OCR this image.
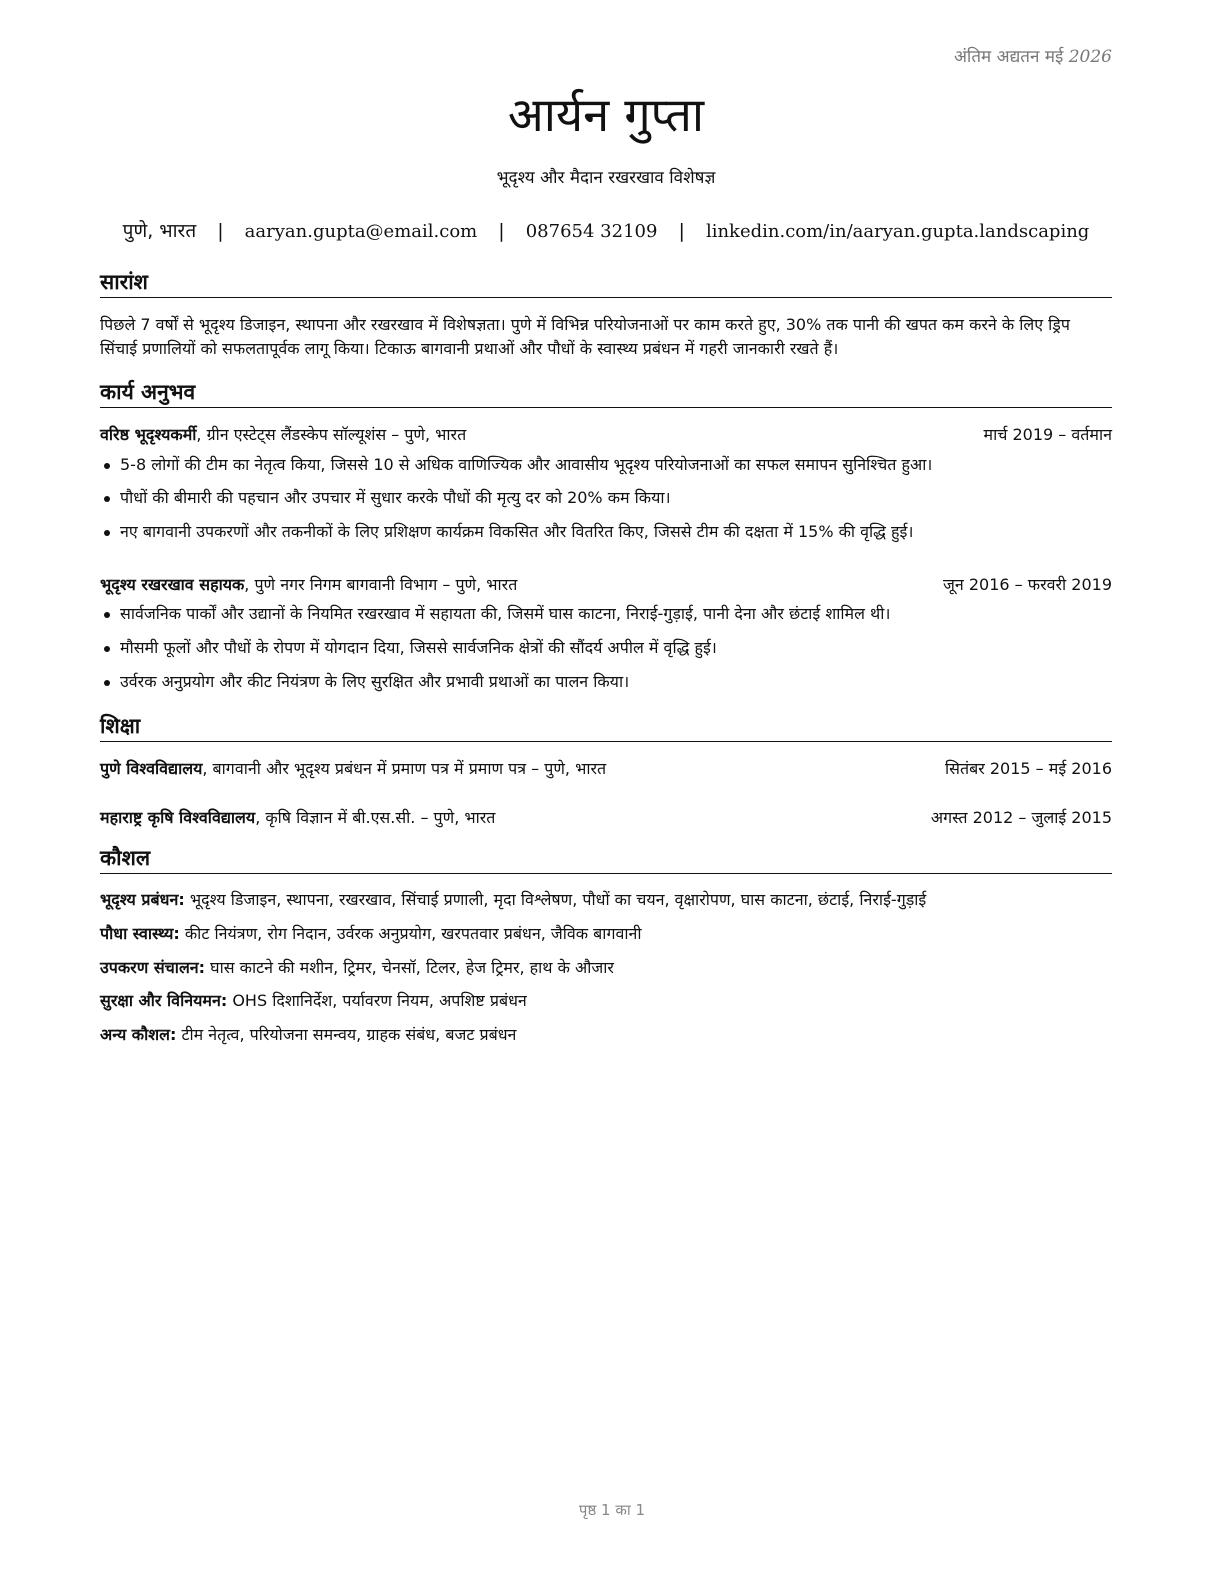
अंतिम अद्यतन मई 2026
आर्यन गुप्ता
भूदृश्य और मैदान रखरखाव विशेषज्ञ
पुणे, भारत | aaryan.gupta@email.com | 087654 32109 | linkedin.com/in/aaryan.gupta.landscaping
सारांश
पिछले 7 वर्षों से भूदृश्य डिजाइन, स्थापना और रखरखाव में विशेषज्ञता। पुणे में विभिन्न परियोजनाओं पर काम करते हुए, 30% तक पानी की खपत कम करने के लिए ड्रिप सिंचाई प्रणालियों को सफलतापूर्वक लागू किया। टिकाऊ बागवानी प्रथाओं और पौधों के स्वास्थ्य प्रबंधन में गहरी जानकारी रखते हैं।
कार्य अनुभव
वरिष्ठ भूदृश्यकर्मी, ग्रीन एस्टेट्स लैंडस्केप सॉल्यूशंस – पुणे, भारत	मार्च 2019 – वर्तमान
5-8 लोगों की टीम का नेतृत्व किया, जिससे 10 से अधिक वाणिज्यिक और आवासीय भूदृश्य परियोजनाओं का सफल समापन सुनिश्चित हुआ।
पौधों की बीमारी की पहचान और उपचार में सुधार करके पौधों की मृत्यु दर को 20% कम किया।
नए बागवानी उपकरणों और तकनीकों के लिए प्रशिक्षण कार्यक्रम विकसित और वितरित किए, जिससे टीम की दक्षता में 15% की वृद्धि हुई।
भूदृश्य रखरखाव सहायक, पुणे नगर निगम बागवानी विभाग – पुणे, भारत	जून 2016 – फरवरी 2019
सार्वजनिक पार्कों और उद्यानों के नियमित रखरखाव में सहायता की, जिसमें घास काटना, निराई-गुड़ाई, पानी देना और छंटाई शामिल थी।
मौसमी फूलों और पौधों के रोपण में योगदान दिया, जिससे सार्वजनिक क्षेत्रों की सौंदर्य अपील में वृद्धि हुई।
उर्वरक अनुप्रयोग और कीट नियंत्रण के लिए सुरक्षित और प्रभावी प्रथाओं का पालन किया।
शिक्षा
पुणे विश्वविद्यालय, बागवानी और भूदृश्य प्रबंधन में प्रमाण पत्र में प्रमाण पत्र – पुणे, भारत	सितंबर 2015 – मई 2016
महाराष्ट्र कृषि विश्वविद्यालय, कृषि विज्ञान में बी.एस.सी. – पुणे, भारत	अगस्त 2012 – जुलाई 2015
कौशल
भूदृश्य प्रबंधन: भूदृश्य डिजाइन, स्थापना, रखरखाव, सिंचाई प्रणाली, मृदा विश्लेषण, पौधों का चयन, वृक्षारोपण, घास काटना, छंटाई, निराई-गुड़ाई
पौधा स्वास्थ्य: कीट नियंत्रण, रोग निदान, उर्वरक अनुप्रयोग, खरपतवार प्रबंधन, जैविक बागवानी
उपकरण संचालन: घास काटने की मशीन, ट्रिमर, चेनसॉ, टिलर, हेज ट्रिमर, हाथ के औजार
सुरक्षा और विनियमन: OHS दिशानिर्देश, पर्यावरण नियम, अपशिष्ट प्रबंधन
अन्य कौशल: टीम नेतृत्व, परियोजना समन्वय, ग्राहक संबंध, बजट प्रबंधन
पृष्ठ 1 का 1
